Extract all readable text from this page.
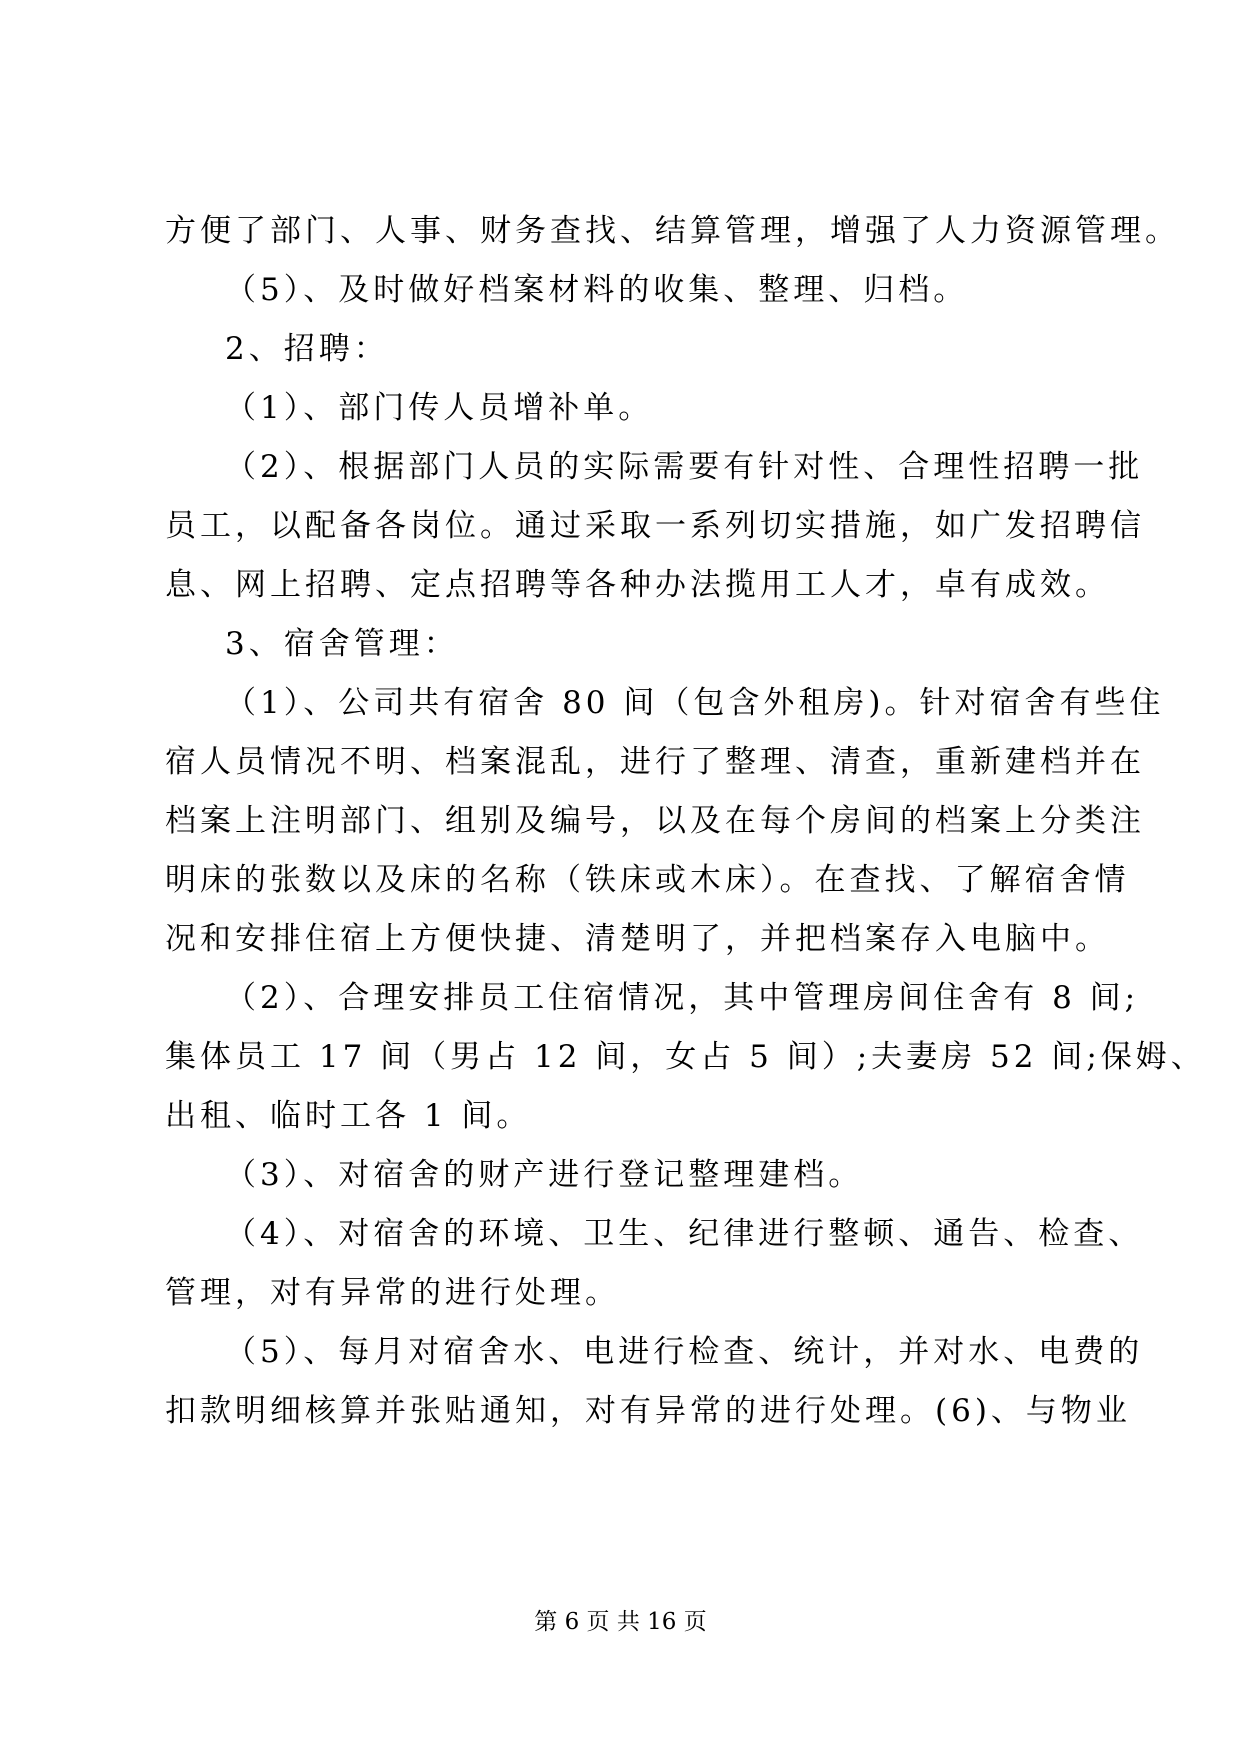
方便了部门、人事、财务查找、结算管理，增强了人力资源管理。
（5）、及时做好档案材料的收集、整理、归档。
2、招聘：
（1）、部门传人员增补单。
（2）、根据部门人员的实际需要有针对性、合理性招聘一批
员工，以配备各岗位。通过采取一系列切实措施，如广发招聘信
息、网上招聘、定点招聘等各种办法揽用工人才，卓有成效。
3、宿舍管理：
（1）、公司共有宿舍 80 间（包含外租房)。针对宿舍有些住
宿人员情况不明、档案混乱，进行了整理、清查，重新建档并在
档案上注明部门、组别及编号，以及在每个房间的档案上分类注
明床的张数以及床的名称（铁床或木床）。在查找、了解宿舍情
况和安排住宿上方便快捷、清楚明了，并把档案存入电脑中。
（2）、合理安排员工住宿情况，其中管理房间住舍有 8 间;
集体员工 17 间（男占 12 间，女占 5 间）;夫妻房 52 间;保姆、
出租、临时工各 1 间。
（3）、对宿舍的财产进行登记整理建档。
（4）、对宿舍的环境、卫生、纪律进行整顿、通告、检查、
管理，对有异常的进行处理。
（5）、每月对宿舍水、电进行检查、统计，并对水、电费的
扣款明细核算并张贴通知，对有异常的进行处理。(6)、与物业
第 6 页 共 16 页
